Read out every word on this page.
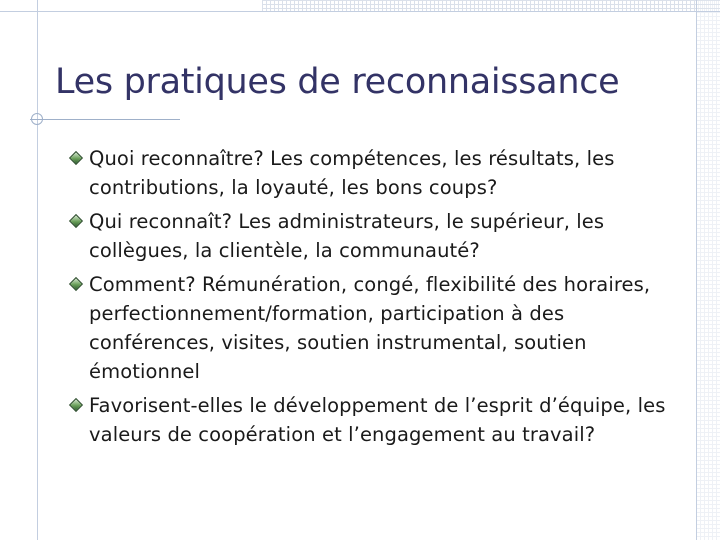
Les pratiques de reconnaissance
Quoi reconnaître? Les compétences, les résultats, les contributions, la loyauté, les bons coups?
Qui reconnaît? Les administrateurs, le supérieur, les collègues, la clientèle, la communauté?
Comment? Rémunération, congé, flexibilité des horaires, perfectionnement/formation, participation à des conférences, visites, soutien instrumental, soutien émotionnel
Favorisent-elles le développement de l’esprit d’équipe, les valeurs de coopération et l’engagement au travail?
